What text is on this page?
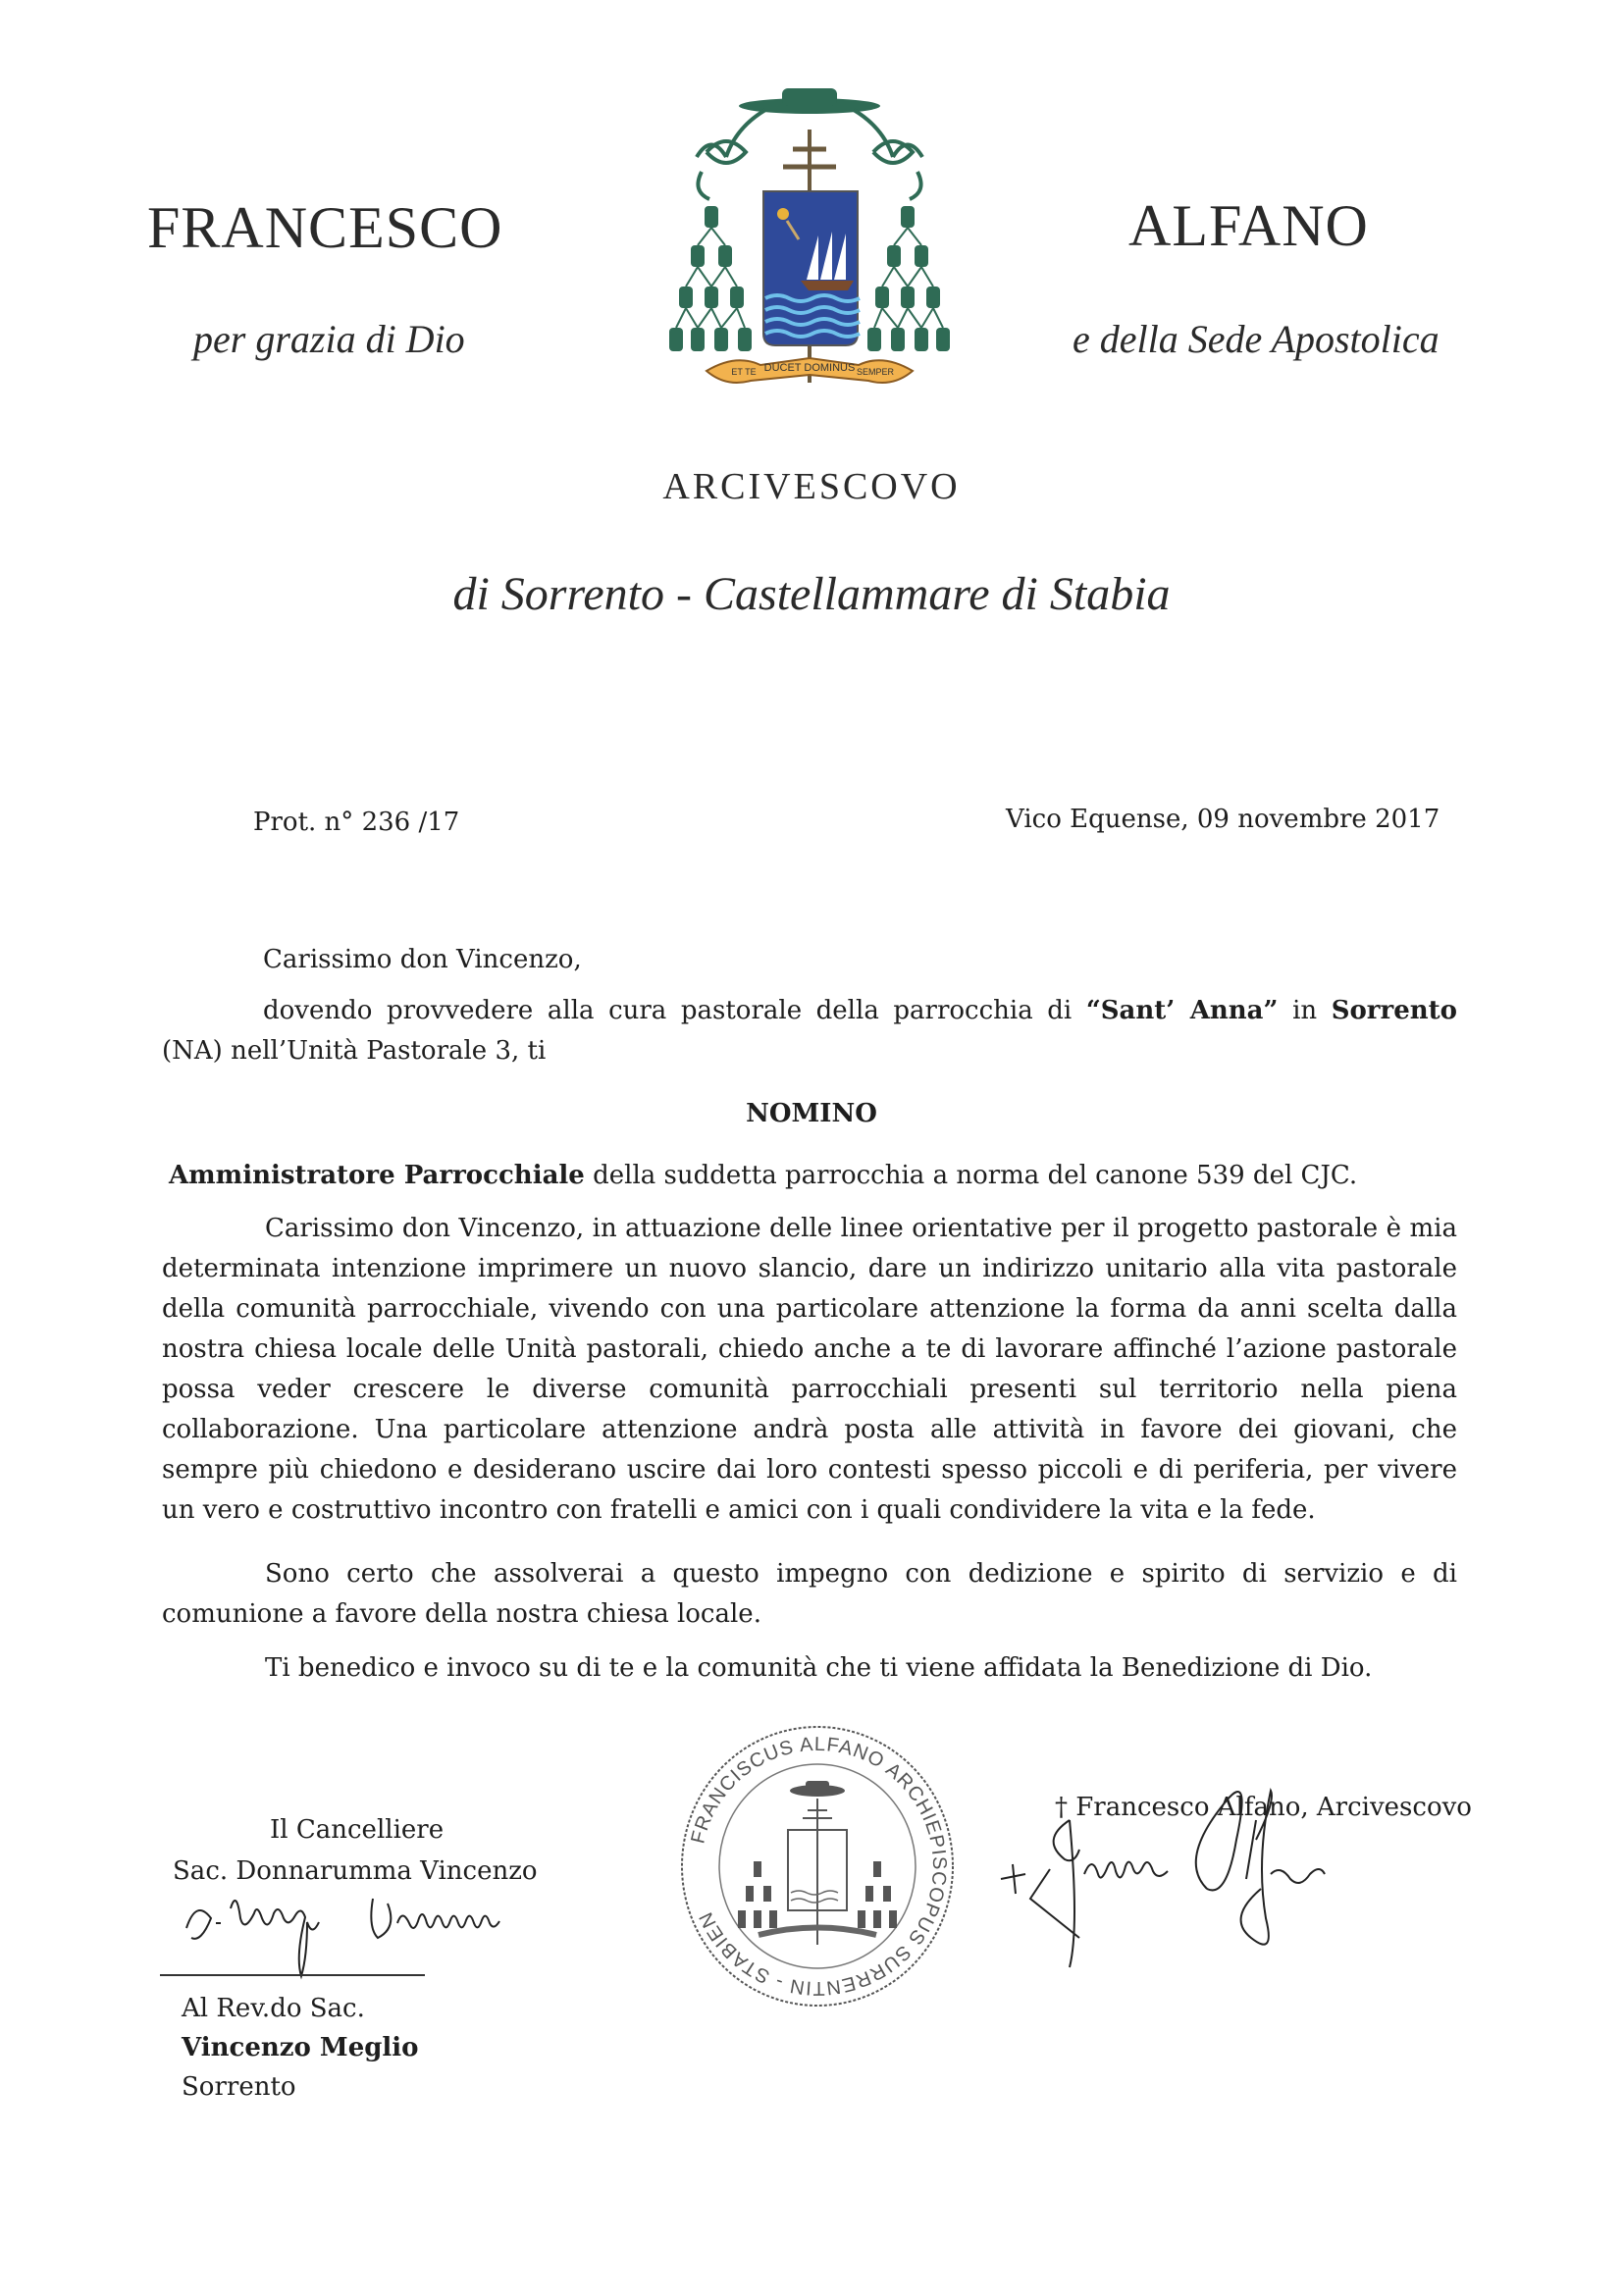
FRANCESCO	ALFANO
per grazia di Dio	e della Sede Apostolica
DUCET DOMINUS
ET TE	SEMPER
ARCIVESCOVO
di Sorrento - Castellammare di Stabia
Prot. n° 236 /17	Vico Equense, 09 novembre 2017
Carissimo don Vincenzo,
dovendo provvedere alla cura pastorale della parrocchia di “Sant’ Anna” in Sorrento (NA) nell’Unità Pastorale 3, ti
NOMINO
Amministratore Parrocchiale della suddetta parrocchia a norma del canone 539 del CJC.
Carissimo don Vincenzo, in attuazione delle linee orientative per il progetto pastorale è mia determinata intenzione imprimere un nuovo slancio, dare un indirizzo unitario alla vita pastorale della comunità parrocchiale, vivendo con una particolare attenzione la forma da anni scelta dalla nostra chiesa locale delle Unità pastorali, chiedo anche a te di lavorare affinché l’azione pastorale possa veder crescere le diverse comunità parrocchiali presenti sul territorio nella piena collaborazione. Una particolare attenzione andrà posta alle attività in favore dei giovani, che sempre più chiedono e desiderano uscire dai loro contesti spesso piccoli e di periferia, per vivere un vero e costruttivo incontro con fratelli e amici con i quali condividere la vita e la fede.
Sono certo che assolverai a questo impegno con dedizione e spirito di servizio e di comunione a favore della nostra chiesa locale.
Ti benedico e invoco su di te e la comunità che ti viene affidata la Benedizione di Dio.
Il Cancelliere
Sac. Donnarumma Vincenzo
FRANCISCUS ALFANO ARCHIEPISCOPUS SURRENTIN - STABIEN
† Francesco Alfano, Arcivescovo
Al Rev.do Sac.
Vincenzo Meglio
Sorrento
